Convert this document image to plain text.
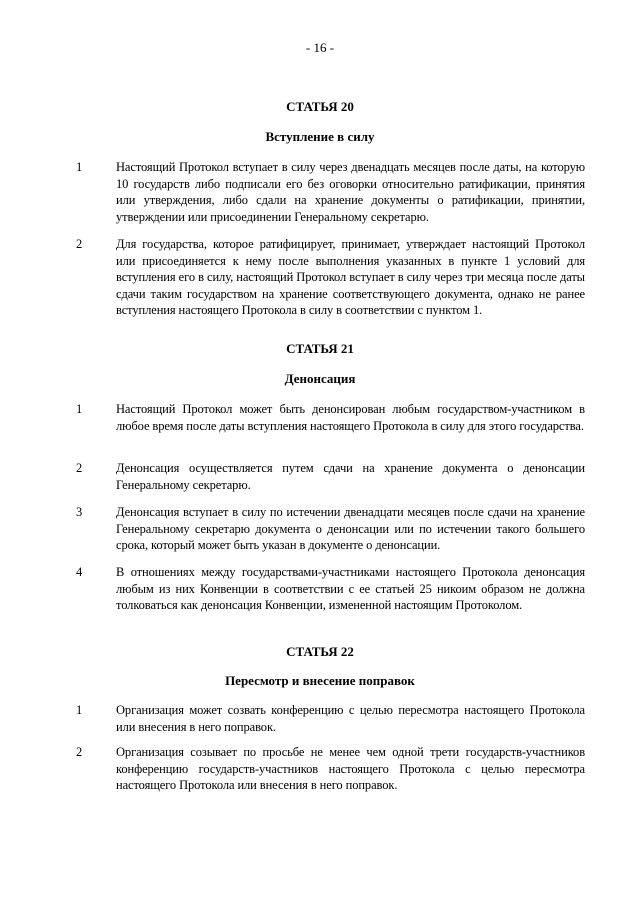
- 16 -
СТАТЬЯ 20
Вступление в силу
1	Настоящий Протокол вступает в силу через двенадцать месяцев после даты, на которую 10 государств либо подписали его без оговорки относительно ратификации, принятия или утверждения, либо сдали на хранение документы о ратификации, принятии, утверждении или присоединении Генеральному секретарю.
2	Для государства, которое ратифицирует, принимает, утверждает настоящий Протокол или присоединяется к нему после выполнения указанных в пункте 1 условий для вступления его в силу, настоящий Протокол вступает в силу через три месяца после даты сдачи таким государством на хранение соответствующего документа, однако не ранее вступления настоящего Протокола в силу в соответствии с пунктом 1.
СТАТЬЯ 21
Денонсация
1	Настоящий Протокол может быть денонсирован любым государством-участником в любое время после даты вступления настоящего Протокола в силу для этого государства.
2	Денонсация осуществляется путем сдачи на хранение документа о денонсации Генеральному секретарю.
3	Денонсация вступает в силу по истечении двенадцати месяцев после сдачи на хранение Генеральному секретарю документа о денонсации или по истечении такого большего срока, который может быть указан в документе о денонсации.
4	В отношениях между государствами-участниками настоящего Протокола денонсация любым из них Конвенции в соответствии с ее статьей 25 никоим образом не должна толковаться как денонсация Конвенции, измененной настоящим Протоколом.
СТАТЬЯ 22
Пересмотр и внесение поправок
1	Организация может созвать конференцию с целью пересмотра настоящего Протокола или внесения в него поправок.
2	Организация созывает по просьбе не менее чем одной трети государств-участников конференцию государств-участников настоящего Протокола с целью пересмотра настоящего Протокола или внесения в него поправок.
